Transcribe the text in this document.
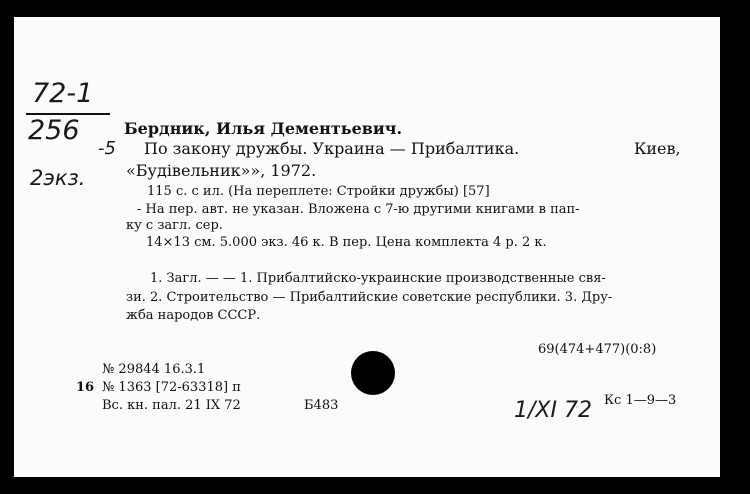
72-1
256
-5
2экз.
Бердник, Илья Дементьевич.
По закону дружбы. Украина — Прибалтика.	Киев,
«Будівельник»», 1972.
115 с. с ил. (На переплете: Стройки дружбы) [57]
- На пер. авт. не указан. Вложена с 7-ю другими книгами в пап-
ку с загл. сер.
14×13 см. 5.000 экз. 46 к. В пер. Цена комплекта 4 р. 2 к.
1. Загл. — — 1. Прибалтийско-украинские производственные свя-
зи. 2. Строительство — Прибалтийские советские республики. 3. Дру-
жба народов СССР.
69(474+477)(0:8)
№ 29844 16.3.1
16 № 1363 [72-63318] п
Вс. кн. пал. 21 IX 72	Б483	1/XI 72 Кс 1—9—3
